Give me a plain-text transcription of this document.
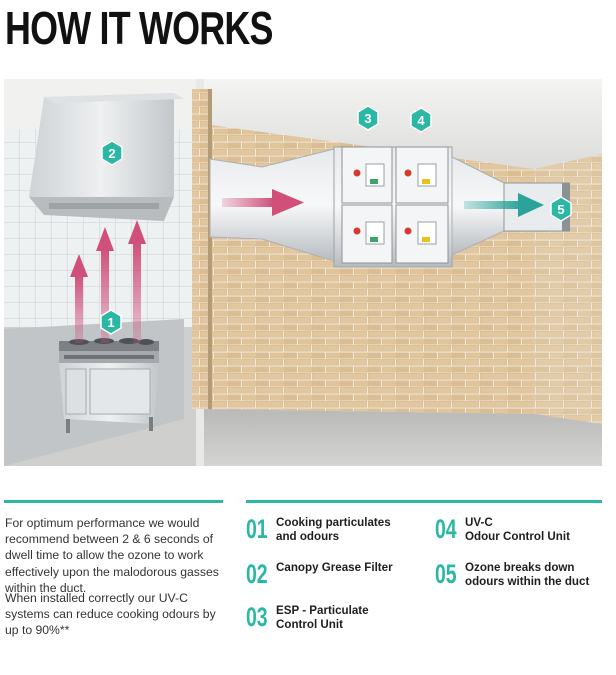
HOW IT WORKS
1
2
3	4
5

For optimum performance we would recommend between 2 & 6 seconds of dwell time to allow the ozone to work effectively upon the malodorous gasses within the duct.

When installed correctly our UV-C systems can reduce cooking odours by up to 90%**

01 Cooking particulates
and odours
02 Canopy Grease Filter
03 ESP - Particulate
Control Unit
04 UV-C
Odour Control Unit
05 Ozone breaks down
odours within the duct
